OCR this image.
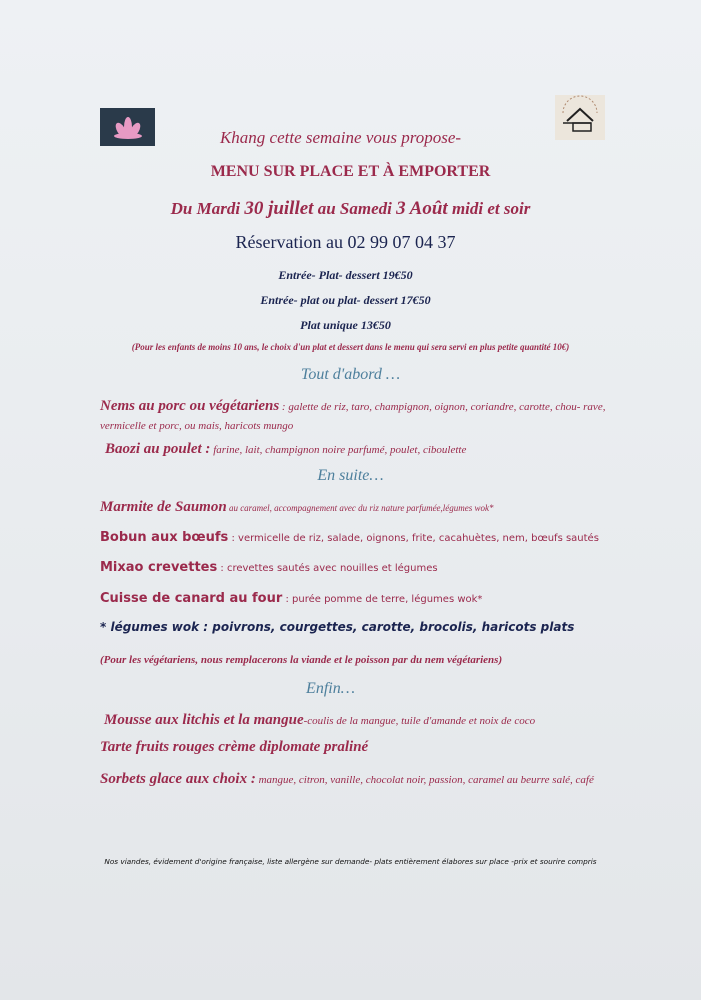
Khang cette semaine vous propose-
MENU SUR PLACE ET À EMPORTER
Du Mardi 30 juillet au Samedi 3 Août midi et soir
Réservation au 02 99 07 04 37
Entrée- Plat- dessert 19€50
Entrée- plat ou plat- dessert 17€50
Plat unique 13€50
(Pour les enfants de moins 10 ans, le choix d'un plat et dessert dans le menu qui sera servi en plus petite quantité 10€)
Tout d'abord …
Nems au porc ou végétariens : galette de riz, taro, champignon, oignon, coriandre, carotte, chou- rave, vermicelle et porc, ou mais, haricots mungo
Baozi au poulet : farine, lait, champignon noire parfumé, poulet, ciboulette
En suite…
Marmite de Saumon au caramel, accompagnement avec du riz nature parfumée,légumes wok*
Bobun aux bœufs : vermicelle de riz, salade, oignons, frite, cacahuètes, nem, bœufs sautés
Mixao crevettes : crevettes sautés avec nouilles et légumes
Cuisse de canard au four : purée pomme de terre, légumes wok*
* légumes wok : poivrons, courgettes, carotte, brocolis, haricots plats
(Pour les végétariens, nous remplacerons la viande et le poisson par du nem végétariens)
Enfin…
Mousse aux litchis et la mangue-coulis de la mangue, tuile d'amande et noix de coco
Tarte fruits rouges crème diplomate praliné
Sorbets glace aux choix : mangue, citron, vanille, chocolat noir, passion, caramel au beurre salé, café
Nos viandes, évidement d'origine française, liste allergène sur demande- plats entièrement élabores sur place -prix et sourire compris
